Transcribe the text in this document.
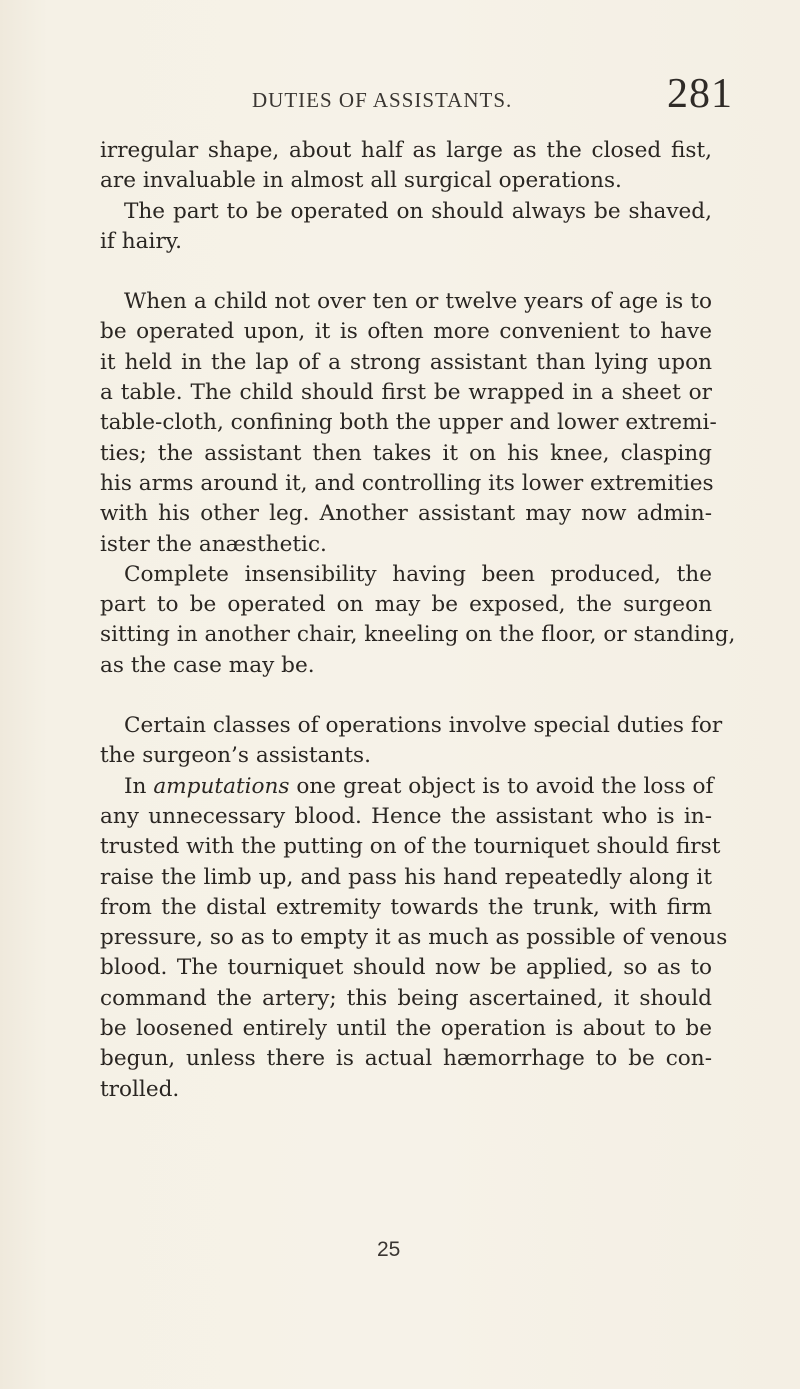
DUTIES OF ASSISTANTS.	281
irregular shape, about half as large as the closed fist,
are invaluable in almost all surgical operations.
The part to be operated on should always be shaved,
if hairy.
When a child not over ten or twelve years of age is to
be operated upon, it is often more convenient to have
it held in the lap of a strong assistant than lying upon
a table. The child should first be wrapped in a sheet or
table-cloth, confining both the upper and lower extremi-
ties; the assistant then takes it on his knee, clasping
his arms around it, and controlling its lower extremities
with his other leg. Another assistant may now admin-
ister the anæsthetic.
Complete insensibility having been produced, the
part to be operated on may be exposed, the surgeon
sitting in another chair, kneeling on the floor, or standing,
as the case may be.
Certain classes of operations involve special duties for
the surgeon’s assistants.
In amputations one great object is to avoid the loss of
any unnecessary blood. Hence the assistant who is in-
trusted with the putting on of the tourniquet should first
raise the limb up, and pass his hand repeatedly along it
from the distal extremity towards the trunk, with firm
pressure, so as to empty it as much as possible of venous
blood. The tourniquet should now be applied, so as to
command the artery; this being ascertained, it should
be loosened entirely until the operation is about to be
begun, unless there is actual hæmorrhage to be con-
trolled.
25
